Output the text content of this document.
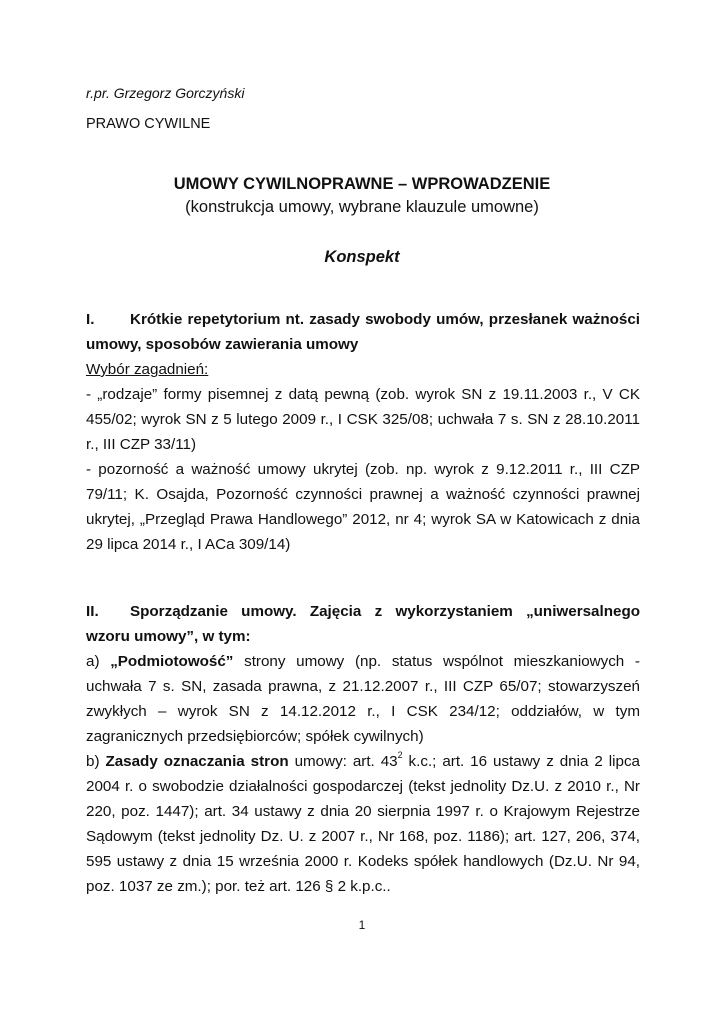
r.pr. Grzegorz Gorczyński
PRAWO CYWILNE
UMOWY CYWILNOPRAWNE – WPROWADZENIE
(konstrukcja umowy, wybrane klauzule umowne)
Konspekt
I. Krótkie repetytorium nt. zasady swobody umów, przesłanek ważności umowy, sposobów zawierania umowy
Wybór zagadnień:
- „rodzaje” formy pisemnej z datą pewną (zob. wyrok SN z 19.11.2003 r., V CK 455/02; wyrok SN z 5 lutego 2009 r., I CSK 325/08; uchwała 7 s. SN z 28.10.2011 r., III CZP 33/11)
- pozorność a ważność umowy ukrytej (zob. np. wyrok z 9.12.2011 r., III CZP 79/11; K. Osajda, Pozorność czynności prawnej a ważność czynności prawnej ukrytej, „Przegląd Prawa Handlowego” 2012, nr 4; wyrok SA w Katowicach z dnia 29 lipca 2014 r., I ACa 309/14)
II. Sporządzanie umowy. Zajęcia z wykorzystaniem „uniwersalnego wzoru umowy”, w tym:
a) „Podmiotowość” strony umowy (np. status wspólnot mieszkaniowych - uchwała 7 s. SN, zasada prawna, z 21.12.2007 r., III CZP 65/07; stowarzyszeń zwykłych – wyrok SN z 14.12.2012 r., I CSK 234/12; oddziałów, w tym zagranicznych przedsiębiorców; spółek cywilnych)
b) Zasady oznaczania stron umowy: art. $43^2$ k.c.; art. 16 ustawy z dnia 2 lipca 2004 r. o swobodzie działalności gospodarczej (tekst jednolity Dz.U. z 2010 r., Nr 220, poz. 1447); art. 34 ustawy z dnia 20 sierpnia 1997 r. o Krajowym Rejestrze Sądowym (tekst jednolity Dz. U. z 2007 r., Nr 168, poz. 1186); art. 127, 206, 374, 595 ustawy z dnia 15 września 2000 r. Kodeks spółek handlowych (Dz.U. Nr 94, poz. 1037 ze zm.); por. też art. 126 § 2 k.p.c..
1
